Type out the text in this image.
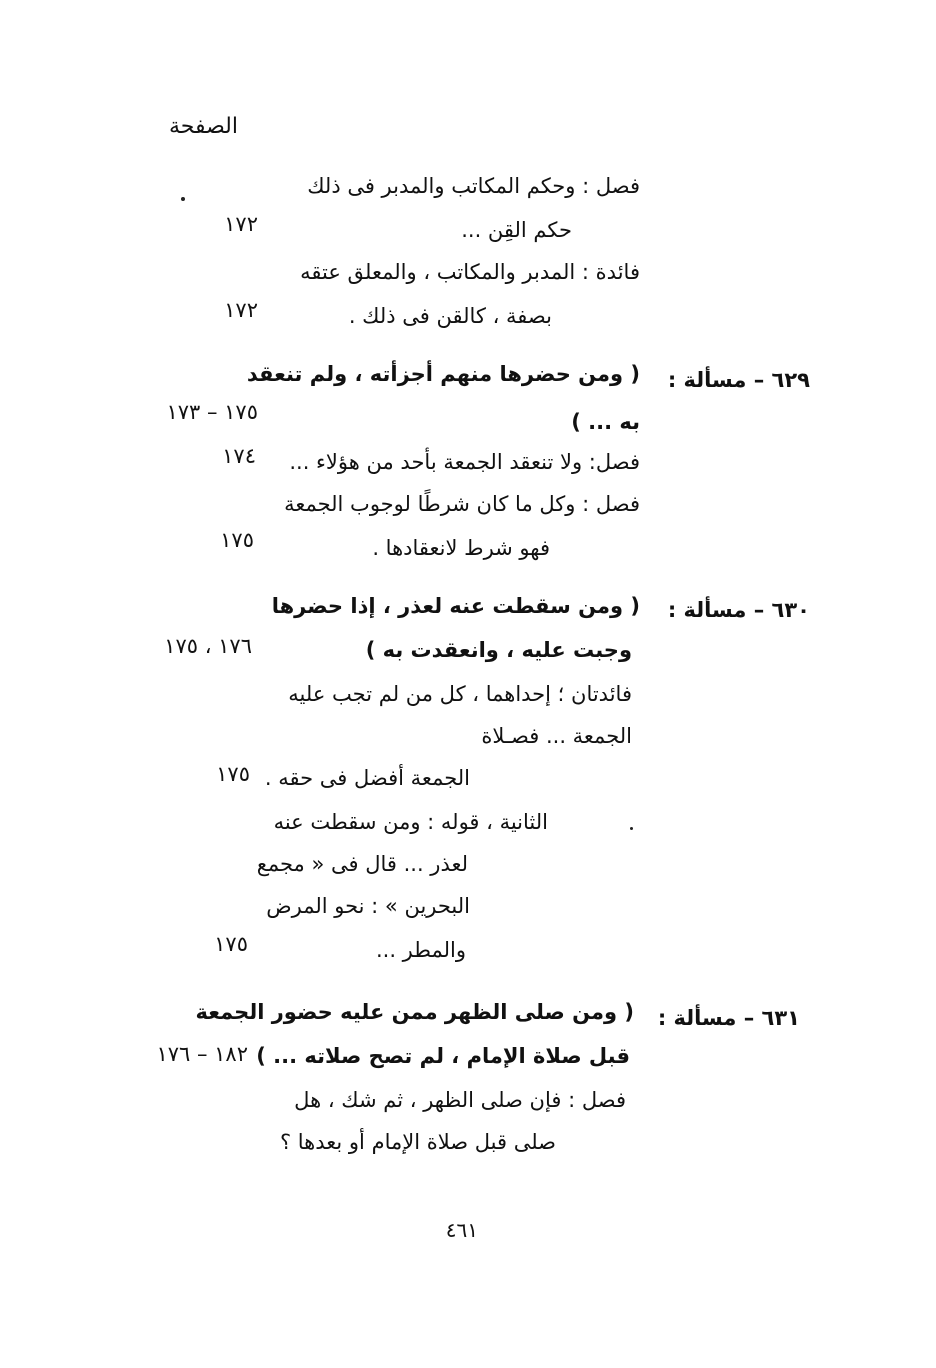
الصفحة
فصل : وحكم المكاتب والمدبر فى ذلك
حكم القِن ...
١٧٢
فائدة : المدبر والمكاتب ، والمعلق عتقه
بصفة ، كالقن فى ذلك .
١٧٢
٦٢٩ – مسألة :
( ومن حضرها منهم أجزأته ، ولم تنعقد
به ... )
١٧٥ – ١٧٣
فصل: ولا تنعقد الجمعة بأحد من هؤلاء ...
١٧٤
فصل : وكل ما كان شرطًا لوجوب الجمعة
فهو شرط لانعقادها .
١٧٥
٦٣٠ – مسألة :
( ومن سقطت عنه لعذر ، إذا حضرها
وجبت عليه ، وانعقدت به )
١٧٦ ، ١٧٥
فائدتان ؛ إحداهما ، كل من لم تجب عليه
الجمعة ... فصـلاة
الجمعة أفضل فى حقه .
١٧٥
الثانية ، قوله : ومن سقطت عنه
لعذر ... قال فى « مجمع
البحرين » : نحو المرض
والمطر ...
١٧٥
٦٣١ – مسألة :
( ومن صلى الظهر ممن عليه حضور الجمعة
قبل صلاة الإمام ، لم تصح صلاته ... )
١٨٢ – ١٧٦
فصل : فإن صلى الظهر ، ثم شك ، هل
صلى قبل صلاة الإمام أو بعدها ؟
٤٦١
